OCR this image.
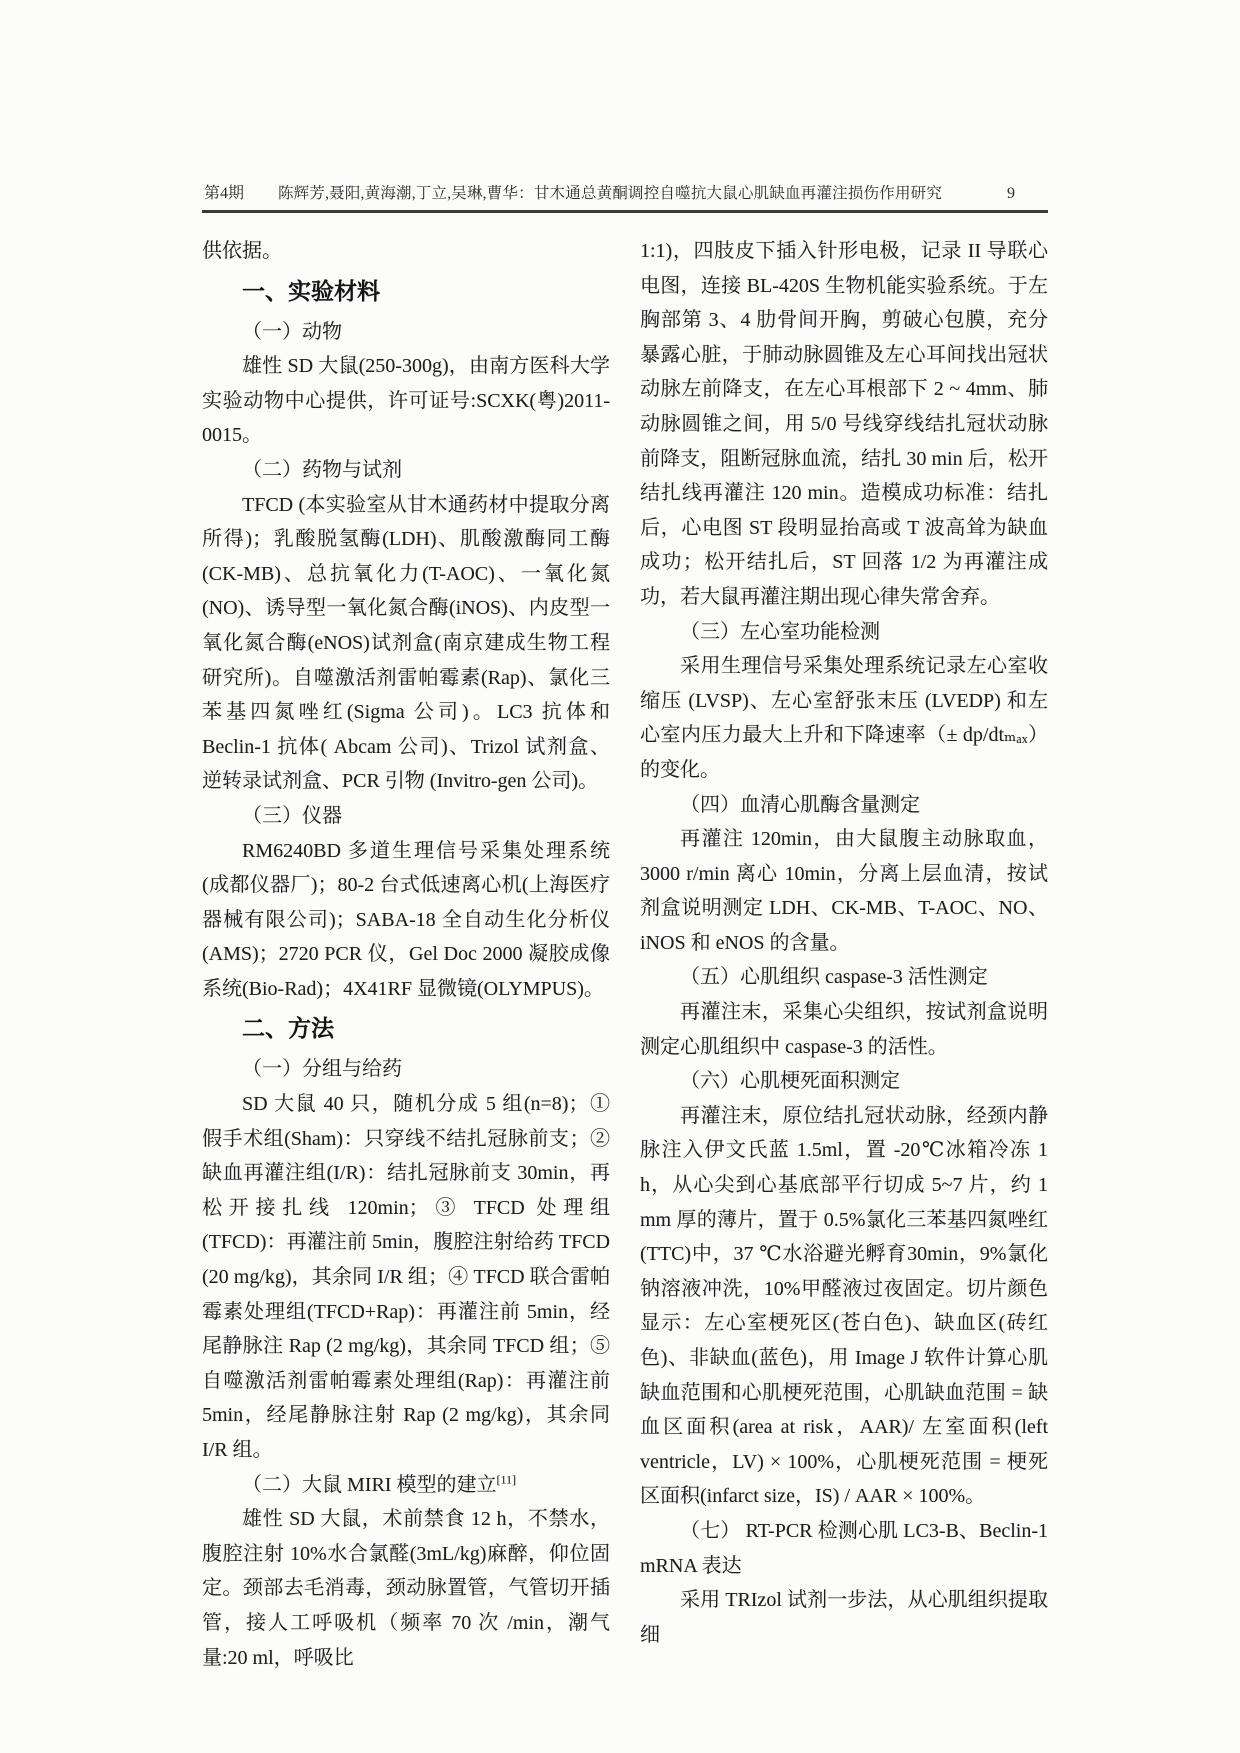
第4期	陈辉芳,聂阳,黄海潮,丁立,吴琳,曹华：甘木通总黄酮调控自噬抗大鼠心肌缺血再灌注损伤作用研究	9

供依据。

一、实验材料

（一）动物

雄性 SD 大鼠(250-300g)，由南方医科大学实验动物中心提供，许可证号:SCXK(粤)2011-0015。

（二）药物与试剂

TFCD (本实验室从甘木通药材中提取分离所得)；乳酸脱氢酶(LDH)、肌酸激酶同工酶(CK-MB)、总抗氧化力(T-AOC)、一氧化氮(NO)、诱导型一氧化氮合酶(iNOS)、内皮型一氧化氮合酶(eNOS)试剂盒(南京建成生物工程研究所)。自噬激活剂雷帕霉素(Rap)、氯化三苯基四氮唑红(Sigma 公司)。LC3 抗体和 Beclin-1 抗体( Abcam 公司)、Trizol 试剂盒、逆转录试剂盒、PCR 引物 (Invitro-gen 公司)。

（三）仪器

RM6240BD 多道生理信号采集处理系统(成都仪器厂)；80-2 台式低速离心机(上海医疗器械有限公司)；SABA-18 全自动生化分析仪(AMS)；2720 PCR 仪，Gel Doc 2000 凝胶成像系统(Bio-Rad)；4X41RF 显微镜(OLYMPUS)。

二、方法

（一）分组与给药

SD 大鼠 40 只，随机分成 5 组(n=8)；① 假手术组(Sham)：只穿线不结扎冠脉前支；② 缺血再灌注组(I/R)：结扎冠脉前支 30min，再松开接扎线 120min；③ TFCD 处理组(TFCD)：再灌注前 5min，腹腔注射给药 TFCD (20 mg/kg)，其余同 I/R 组；④ TFCD 联合雷帕霉素处理组(TFCD+Rap)：再灌注前 5min，经尾静脉注 Rap (2 mg/kg)，其余同 TFCD 组；⑤ 自噬激活剂雷帕霉素处理组(Rap)：再灌注前 5min，经尾静脉注射 Rap (2 mg/kg)，其余同 I/R 组。

（二）大鼠 MIRI 模型的建立[11]

雄性 SD 大鼠，术前禁食 12 h，不禁水，腹腔注射 10%水合氯醛(3mL/kg)麻醉，仰位固定。颈部去毛消毒，颈动脉置管，气管切开插管，接人工呼吸机（频率 70 次 /min，潮气量:20 ml，呼吸比

1:1)，四肢皮下插入针形电极，记录 II 导联心电图，连接 BL-420S 生物机能实验系统。于左胸部第 3、4 肋骨间开胸，剪破心包膜，充分暴露心脏，于肺动脉圆锥及左心耳间找出冠状动脉左前降支，在左心耳根部下 2 ~ 4mm、肺动脉圆锥之间，用 5/0 号线穿线结扎冠状动脉前降支，阻断冠脉血流，结扎 30 min 后，松开结扎线再灌注 120 min。造模成功标准：结扎后，心电图 ST 段明显抬高或 T 波高耸为缺血成功；松开结扎后，ST 回落 1/2 为再灌注成功，若大鼠再灌注期出现心律失常舍弃。

（三）左心室功能检测

采用生理信号采集处理系统记录左心室收缩压 (LVSP)、左心室舒张末压 (LVEDP) 和左心室内压力最大上升和下降速率（± dp/dtₘₐₓ）的变化。

（四）血清心肌酶含量测定

再灌注 120min，由大鼠腹主动脉取血，3000 r/min 离心 10min，分离上层血清，按试剂盒说明测定 LDH、CK-MB、T-AOC、NO、iNOS 和 eNOS 的含量。

（五）心肌组织 caspase-3 活性测定

再灌注末，采集心尖组织，按试剂盒说明测定心肌组织中 caspase-3 的活性。

（六）心肌梗死面积测定

再灌注末，原位结扎冠状动脉，经颈内静脉注入伊文氏蓝 1.5ml，置 -20℃冰箱冷冻 1 h，从心尖到心基底部平行切成 5~7 片，约 1 mm 厚的薄片，置于 0.5%氯化三苯基四氮唑红(TTC)中，37 ℃水浴避光孵育30min，9%氯化钠溶液冲洗，10%甲醛液过夜固定。切片颜色显示：左心室梗死区(苍白色)、缺血区(砖红色)、非缺血(蓝色)，用 Image J 软件计算心肌缺血范围和心肌梗死范围，心肌缺血范围 = 缺血区面积(area at risk，AAR)/ 左室面积(left ventricle，LV) × 100%，心肌梗死范围 = 梗死区面积(infarct size，IS) / AAR × 100%。

（七） RT-PCR 检测心肌 LC3-B、Beclin-1 mRNA 表达

采用 TRIzol 试剂一步法，从心肌组织提取细
